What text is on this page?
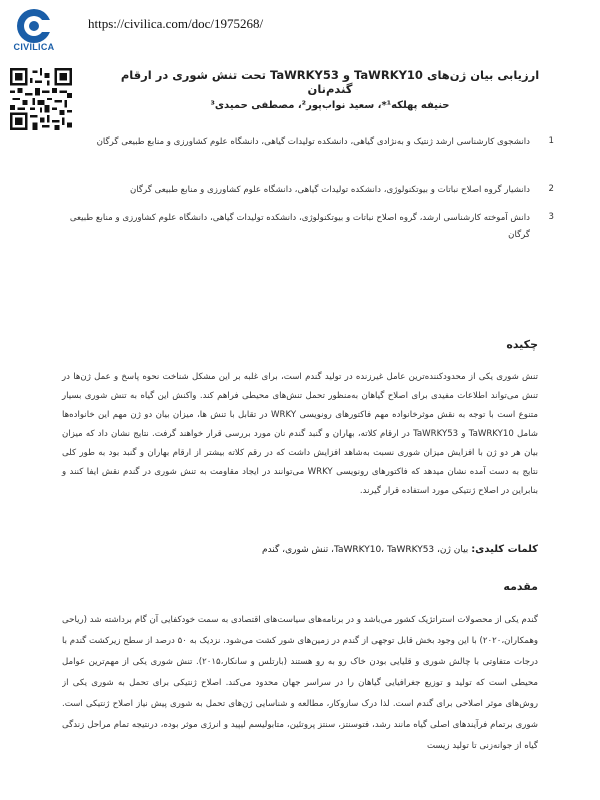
CIVILICA
https://civilica.com/doc/1975268/
ارزیابی بیان ژن‌های TaWRKY10 و TaWRKY53 تحت تنش شوری در ارقام گندم‌نان
حنیفه پهلکه¹*، سعید نواب‌پور²، مصطفی حمیدی³
1
دانشجوی کارشناسی ارشد ژنتیک و به‌نژادی گیاهی، دانشکده تولیدات گیاهی، دانشگاه علوم کشاورزی و منابع طبیعی گرگان
2
دانشیار گروه اصلاح نباتات و بیوتکنولوژی، دانشکده تولیدات گیاهی، دانشگاه علوم کشاورزی و منابع طبیعی گرگان
3
دانش آموخته کارشناسی ارشد، گروه اصلاح نباتات و بیوتکنولوژی، دانشکده تولیدات گیاهی، دانشگاه علوم کشاورزی و منابع طبیعی گرگان
چکیده
تنش شوری یکی از محدودکننده‌ترین عامل غیرزنده در تولید گندم است، برای غلبه بر این مشکل شناخت نحوه پاسخ و عمل ژن‌ها در تنش می‌تواند اطلاعات مفیدی برای اصلاح گیاهان به‌منظور تحمل تنش‌های محیطی فراهم کند. واکنش این گیاه به تنش شوری بسیار متنوع است با توجه به نقش موثرخانواده مهم فاکتورهای رونویسی WRKY در تقابل با تنش ها، میزان بیان دو ژن مهم این خانواده‌ها شامل TaWRKY10 و TaWRKY53 در ارقام کلاته، بهاران و گنبد گندم نان مورد بررسی قرار خواهند گرفت. نتایج نشان داد که میزان بیان هر دو ژن با افزایش میزان شوری نسبت به‌شاهد افزایش داشت که در رقم کلاته بیشتر از ارقام بهاران و گنبد بود به طور کلی نتایج به دست آمده نشان میدهد که فاکتورهای رونویسی WRKY می‌توانند در ایجاد مقاومت به تنش شوری در گندم نقش ایفا کنند و بنابراین در اصلاح ژنتیکی مورد استفاده قرار گیرند.
کلمات کلیدی: بیان ژن، TaWRKY10، TaWRKY53، تنش شوری، گندم
مقدمه
گندم یکی از محصولات استراتژیک کشور می‌باشد و در برنامه‌های سیاست‌های اقتصادی به سمت خودکفایی آن گام برداشته شد (ریاحی وهمکاران،۲۰۲۰) با این وجود بخش قابل توجهی از گندم در زمین‌های شور کشت می‌شود. نزدیک به ۵۰ درصد از سطح زیرکشت گندم با درجات متفاوتی با چالش شوری و قلیایی بودن خاک رو به رو هستند (بارتلس و سانکار،۲۰۱۵). تنش شوری یکی از مهم‌ترین عوامل محیطی است که تولید و توزیع جغرافیایی گیاهان را در سراسر جهان محدود می‌کند. اصلاح ژنتیکی برای تحمل به شوری یکی از روش‌های موثر اصلاحی برای گندم است. لذا درک سازوکار، مطالعه و شناسایی ژن‌های تحمل به شوری پیش نیاز اصلاح ژنتیکی است. شوری برتمام فرآیندهای اصلی گیاه مانند رشد، فتوسنتز، سنتز پروتئین، متابولیسم لیپید و انرژی موثر بوده، درنتیجه تمام مراحل زندگی گیاه از جوانه‌زنی تا تولید زیست
